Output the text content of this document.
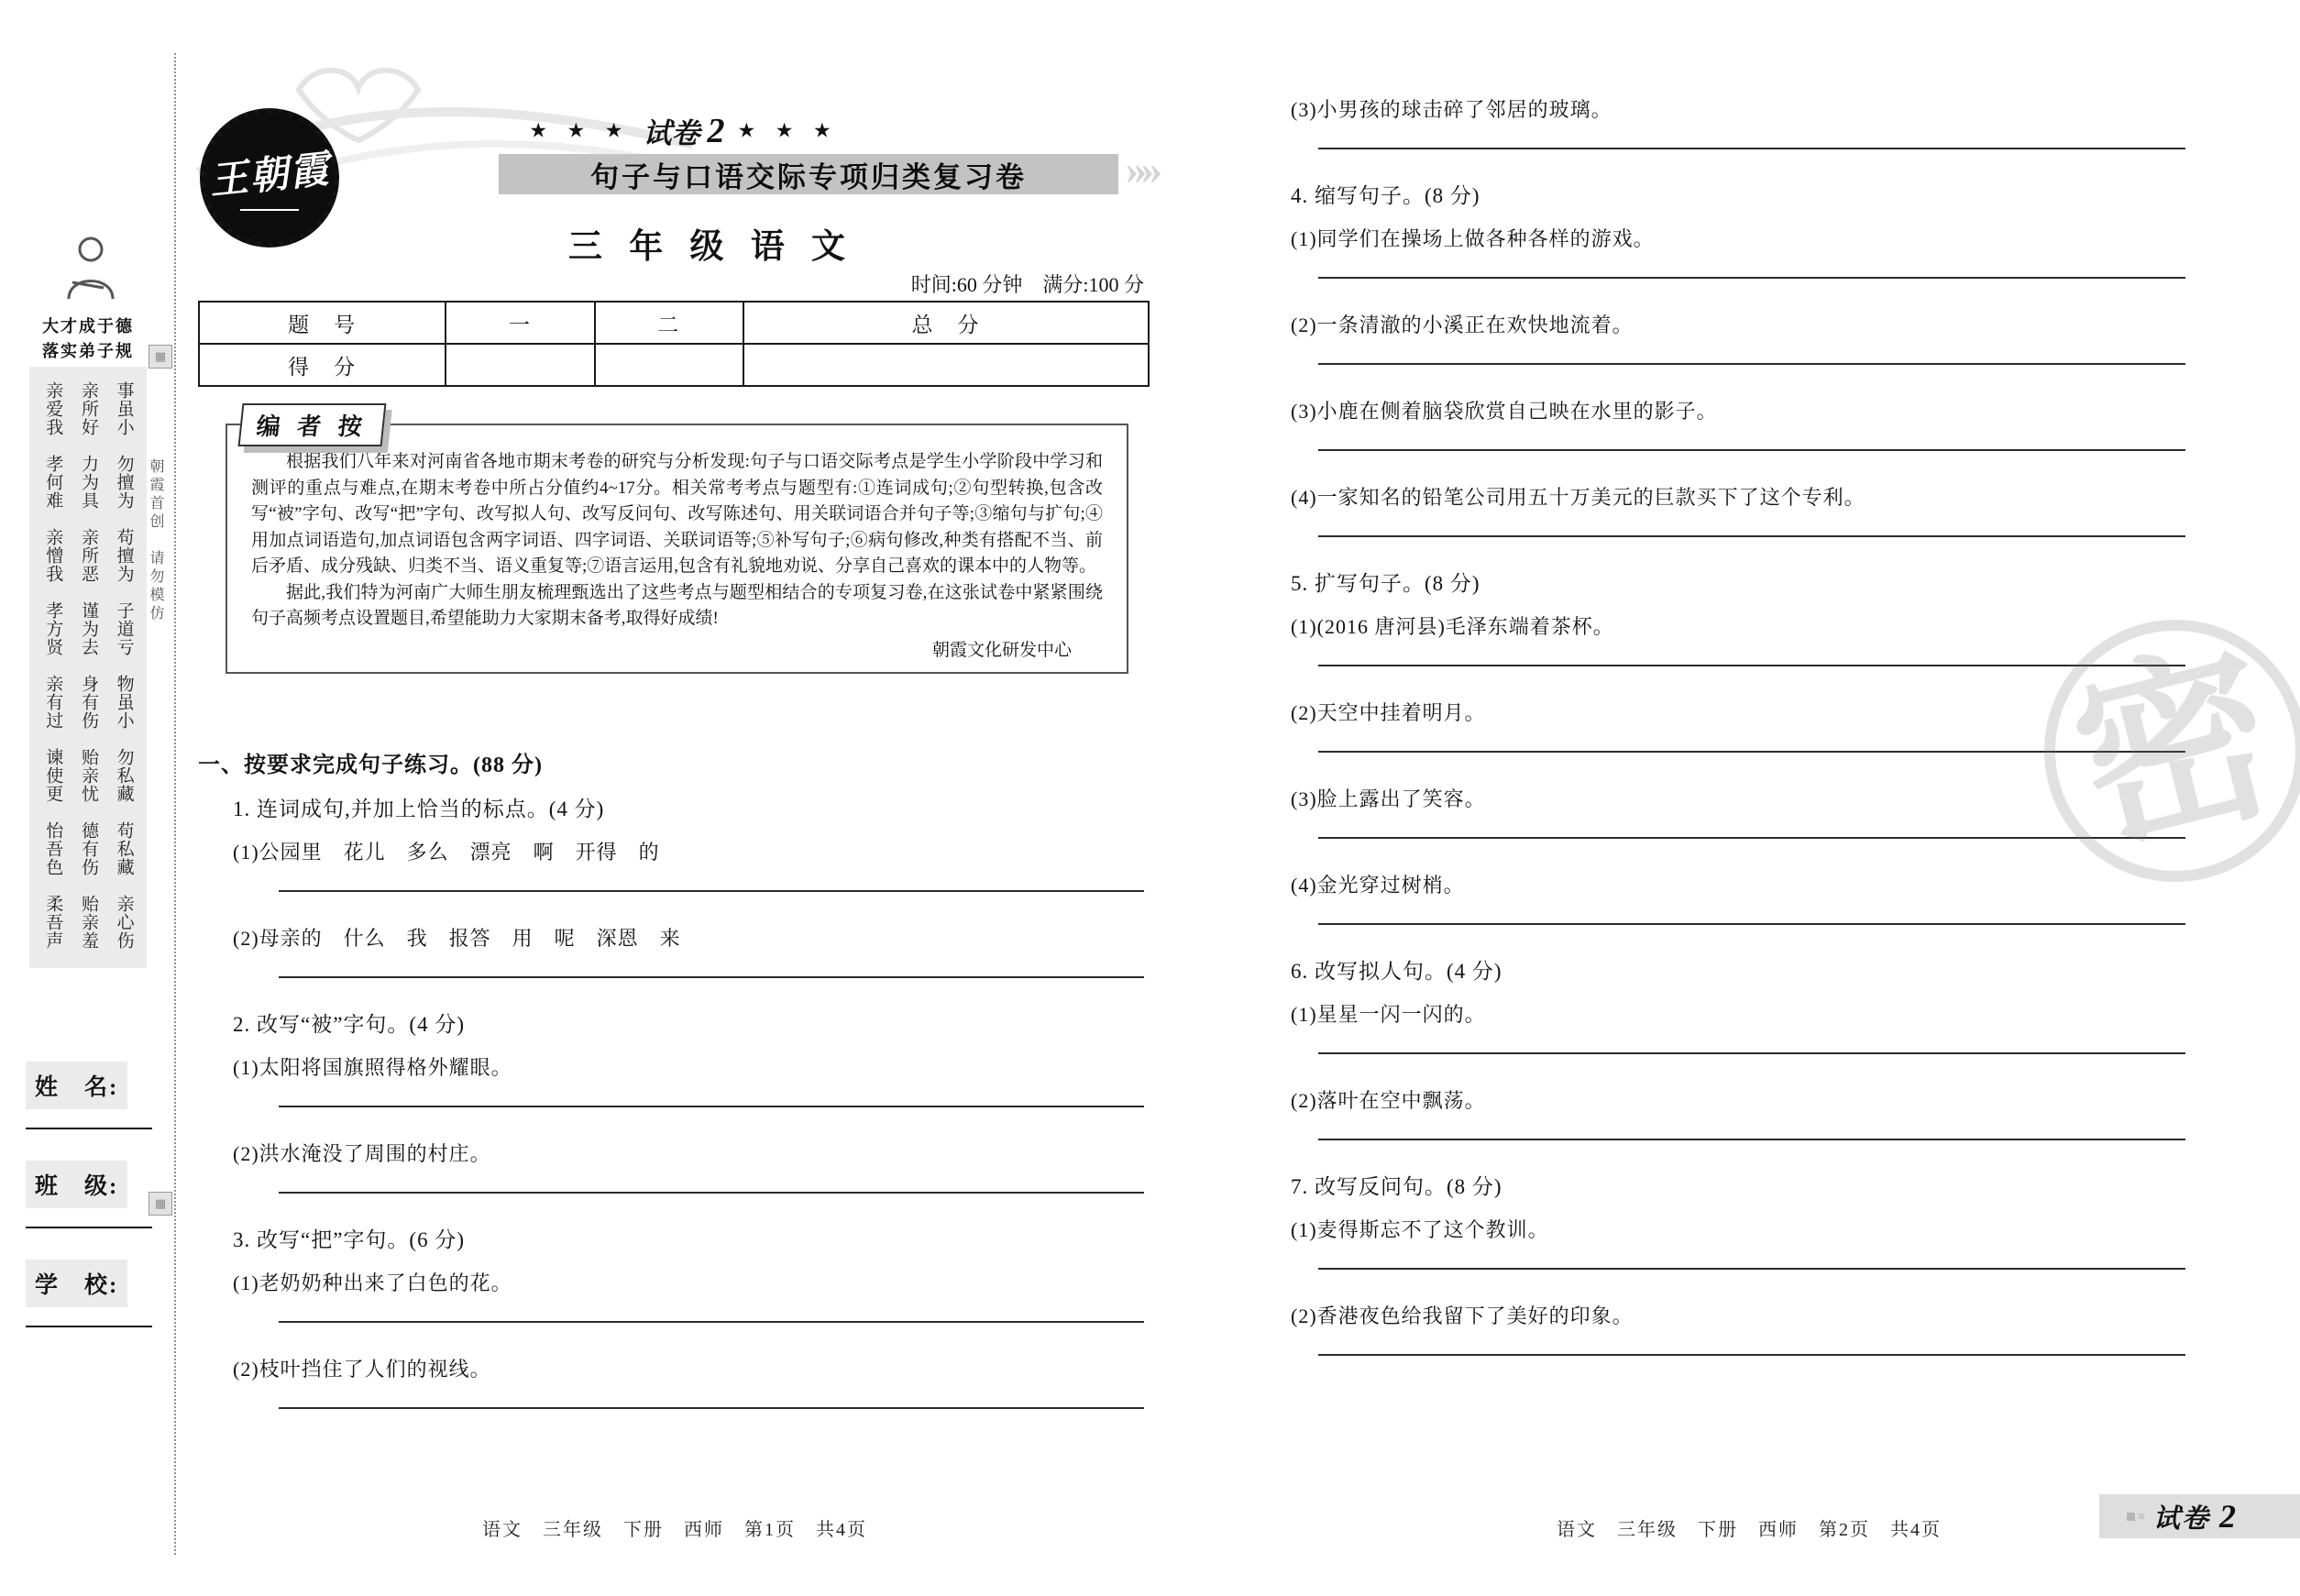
大才成于德
落实弟子规
亲爱我　孝何难　亲憎我　孝方贤　亲有过　谏使更　怡吾色　柔吾声 亲所好　力为具　亲所恶　谨为去　身有伤　贻亲忧　德有伤　贻亲羞 事虽小　勿擅为　苟擅为　子道亏　物虽小　勿私藏　苟私藏　亲心伤 朝霞首创　请勿模仿
▦
▦
姓　名:
班　级:
学　校:
王朝霞
★ ★ ★ 试卷 2 ★ ★ ★
句子与口语交际专项归类复习卷	»»
三 年 级 语 文
时间:60 分钟　满分:100 分
题　号	一	二	总　分
得　分			
编 者 按

根据我们八年来对河南省各地市期末考卷的研究与分析发现:句子与口语交际考点是学生小学阶段中学习和测评的重点与难点,在期末考卷中所占分值约4~17分。相关常考考点与题型有:①连词成句;②句型转换,包含改写“被”字句、改写“把”字句、改写拟人句、改写反问句、改写陈述句、用关联词语合并句子等;③缩句与扩句;④用加点词语造句,加点词语包含两字词语、四字词语、关联词语等;⑤补写句子;⑥病句修改,种类有搭配不当、前后矛盾、成分残缺、归类不当、语义重复等;⑦语言运用,包含有礼貌地劝说、分享自己喜欢的课本中的人物等。

据此,我们特为河南广大师生朋友梳理甄选出了这些考点与题型相结合的专项复习卷,在这张试卷中紧紧围绕句子高频考点设置题目,希望能助力大家期末备考,取得好成绩!

朝霞文化研发中心
一、按要求完成句子练习。(88 分)
1. 连词成句,并加上恰当的标点。(4 分)
(1)公园里　花儿　多么　漂亮　啊　开得　的
(2)母亲的　什么　我　报答　用　呢　深恩　来
2. 改写“被”字句。(4 分)
(1)太阳将国旗照得格外耀眼。
(2)洪水淹没了周围的村庄。
3. 改写“把”字句。(6 分)
(1)老奶奶种出来了白色的花。
(2)枝叶挡住了人们的视线。
语文　三年级　下册　西师　第1页　共4页
(3)小男孩的球击碎了邻居的玻璃。
4. 缩写句子。(8 分)
(1)同学们在操场上做各种各样的游戏。
(2)一条清澈的小溪正在欢快地流着。
(3)小鹿在侧着脑袋欣赏自己映在水里的影子。
(4)一家知名的铅笔公司用五十万美元的巨款买下了这个专利。
5. 扩写句子。(8 分)
(1)(2016 唐河县)毛泽东端着茶杯。
(2)天空中挂着明月。
(3)脸上露出了笑容。
(4)金光穿过树梢。
6. 改写拟人句。(4 分)
(1)星星一闪一闪的。
(2)落叶在空中飘荡。
7. 改写反问句。(8 分)
(1)麦得斯忘不了这个教训。
(2)香港夜色给我留下了美好的印象。
语文　三年级　下册　西师　第2页　共4页
密
试卷 2
